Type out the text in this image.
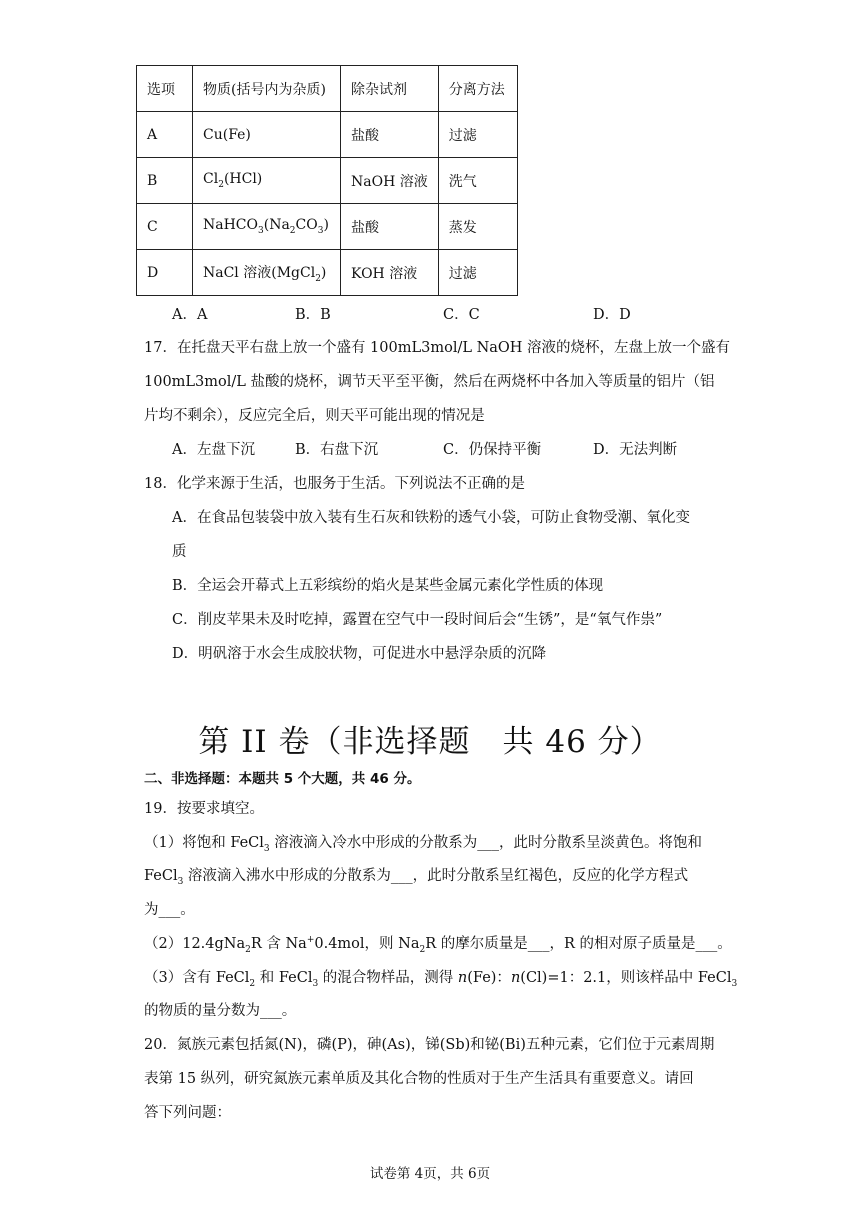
选项	物质(括号内为杂质)	除杂试剂	分离方法
A	Cu(Fe)	盐酸	过滤
B	$Cl_2(HCl)$	NaOH 溶液	洗气
C	$NaHCO_3(Na_2CO_3)$	盐酸	蒸发
D	NaCl 溶液(MgCl$_2$)	KOH 溶液	过滤
A．A	B．B	C．C	D．D
17．在托盘天平右盘上放一个盛有 100mL3mol/L NaOH 溶液的烧杯，左盘上放一个盛有
100mL3mol/L 盐酸的烧杯，调节天平至平衡，然后在两烧杯中各加入等质量的铝片（铝
片均不剩余），反应完全后，则天平可能出现的情况是
A．左盘下沉	B．右盘下沉	C．仍保持平衡	D．无法判断
18．化学来源于生活，也服务于生活。下列说法不正确的是
A．在食品包装袋中放入装有生石灰和铁粉的透气小袋，可防止食物受潮、氧化变
质
B．全运会开幕式上五彩缤纷的焰火是某些金属元素化学性质的体现
C．削皮苹果未及时吃掉，露置在空气中一段时间后会“生锈”，是“氧气作祟”
D．明矾溶于水会生成胶状物，可促进水中悬浮杂质的沉降
第 II 卷（非选择题　共 46 分）
二、非选择题：本题共 5 个大题，共 46 分。
19．按要求填空。
（1）将饱和 FeCl$_3$ 溶液滴入冷水中形成的分散系为___，此时分散系呈淡黄色。将饱和
FeCl$_3$ 溶液滴入沸水中形成的分散系为___，此时分散系呈红褐色，反应的化学方程式
为___。
（2）12.4gNa$_2$R 含 Na+0.4mol，则 $Na_2R$ 的摩尔质量是___，R 的相对原子质量是___。
（3）含有 FeCl$_2$ 和 FeCl$_3$ 的混合物样品，测得 n(Fe)：n(Cl)=1：2.1，则该样品中 FeCl$_3$
的物质的量分数为___。
20．氮族元素包括氮(N)，磷(P)，砷(As)，锑(Sb)和铋(Bi)五种元素，它们位于元素周期
表第 15 纵列，研究氮族元素单质及其化合物的性质对于生产生活具有重要意义。请回
答下列问题：
试卷第 4页，共 6页
